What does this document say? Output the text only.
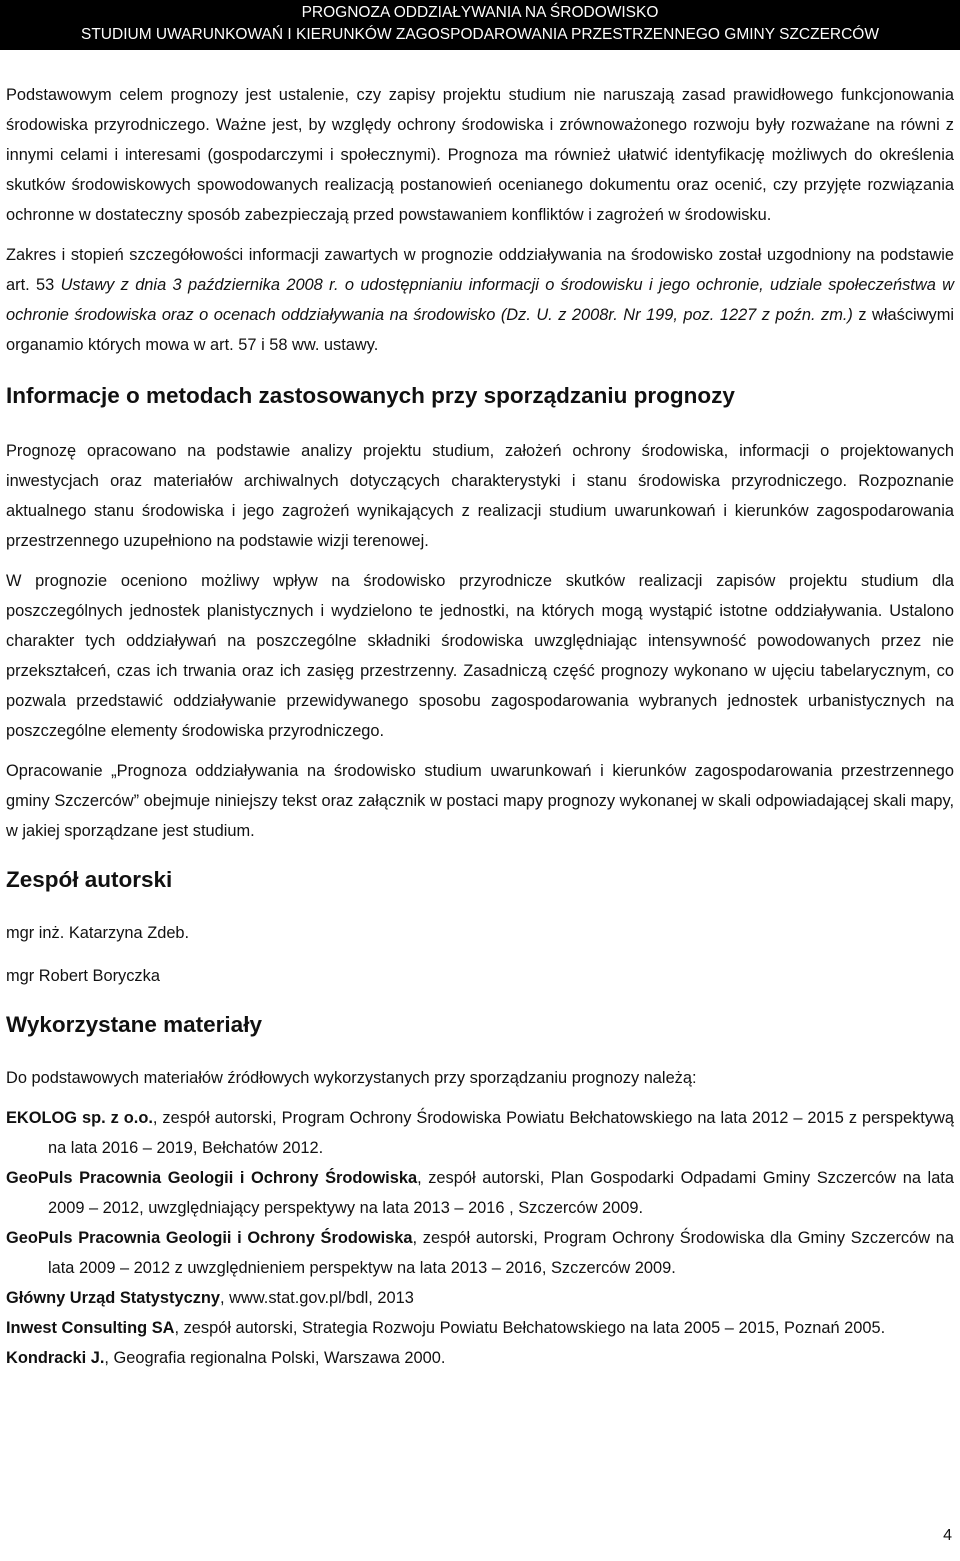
PROGNOZA ODDZIAŁYWANIA NA ŚRODOWISKO
STUDIUM UWARUNKOWAŃ I KIERUNKÓW ZAGOSPODAROWANIA PRZESTRZENNEGO GMINY SZCZERCÓW

Podstawowym celem prognozy jest ustalenie, czy zapisy projektu studium nie naruszają zasad prawidłowego funkcjonowania środowiska przyrodniczego. Ważne jest, by względy ochrony środowiska i zrównoważonego rozwoju były rozważane na równi z innymi celami i interesami (gospodarczymi i społecznymi). Prognoza ma również ułatwić identyfikację możliwych do określenia skutków środowiskowych spowodowanych realizacją postanowień ocenianego dokumentu oraz ocenić, czy przyjęte rozwiązania ochronne w dostateczny sposób zabezpieczają przed powstawaniem konfliktów i zagrożeń w środowisku.

Zakres i stopień szczegółowości informacji zawartych w prognozie oddziaływania na środowisko został uzgodniony na podstawie art. 53 Ustawy z dnia 3 października 2008 r. o udostępnianiu informacji o środowisku i jego ochronie, udziale społeczeństwa w ochronie środowiska oraz o ocenach oddziaływania na środowisko (Dz. U. z 2008r. Nr 199, poz. 1227 z poźn. zm.) z właściwymi organamio których mowa w art. 57 i 58 ww. ustawy.

Informacje o metodach zastosowanych przy sporządzaniu prognozy

Prognozę opracowano na podstawie analizy projektu studium, założeń ochrony środowiska, informacji o projektowanych inwestycjach oraz materiałów archiwalnych dotyczących charakterystyki i stanu środowiska przyrodniczego. Rozpoznanie aktualnego stanu środowiska i jego zagrożeń wynikających z realizacji studium uwarunkowań i kierunków zagospodarowania przestrzennego uzupełniono na podstawie wizji terenowej.

W prognozie oceniono możliwy wpływ na środowisko przyrodnicze skutków realizacji zapisów projektu studium dla poszczególnych jednostek planistycznych i wydzielono te jednostki, na których mogą wystąpić istotne oddziaływania. Ustalono charakter tych oddziaływań na poszczególne składniki środowiska uwzględniając intensywność powodowanych przez nie przekształceń, czas ich trwania oraz ich zasięg przestrzenny. Zasadniczą część prognozy wykonano w ujęciu tabelarycznym, co pozwala przedstawić oddziaływanie przewidywanego sposobu zagospodarowania wybranych jednostek urbanistycznych na poszczególne elementy środowiska przyrodniczego.

Opracowanie „Prognoza oddziaływania na środowisko studium uwarunkowań i kierunków zagospodarowania przestrzennego gminy Szczerców” obejmuje niniejszy tekst oraz załącznik w postaci mapy prognozy wykonanej w skali odpowiadającej skali mapy, w jakiej sporządzane jest studium.

Zespół autorski
mgr inż. Katarzyna Zdeb.
mgr Robert Boryczka
Wykorzystane materiały

Do podstawowych materiałów źródłowych wykorzystanych przy sporządzaniu prognozy należą:

EKOLOG sp. z o.o., zespół autorski, Program Ochrony Środowiska Powiatu Bełchatowskiego na lata 2012 – 2015 z perspektywą na lata 2016 – 2019, Bełchatów 2012.
GeoPuls Pracownia Geologii i Ochrony Środowiska, zespół autorski, Plan Gospodarki Odpadami Gminy Szczerców na lata 2009 – 2012, uwzględniający perspektywy na lata 2013 – 2016 , Szczerców 2009.
GeoPuls Pracownia Geologii i Ochrony Środowiska, zespół autorski, Program Ochrony Środowiska dla Gminy Szczerców na lata 2009 – 2012 z uwzględnieniem perspektyw na lata 2013 – 2016, Szczerców 2009.
Główny Urząd Statystyczny, www.stat.gov.pl/bdl, 2013
Inwest Consulting SA, zespół autorski, Strategia Rozwoju Powiatu Bełchatowskiego na lata 2005 – 2015, Poznań 2005.
Kondracki J., Geografia regionalna Polski, Warszawa 2000.
4
